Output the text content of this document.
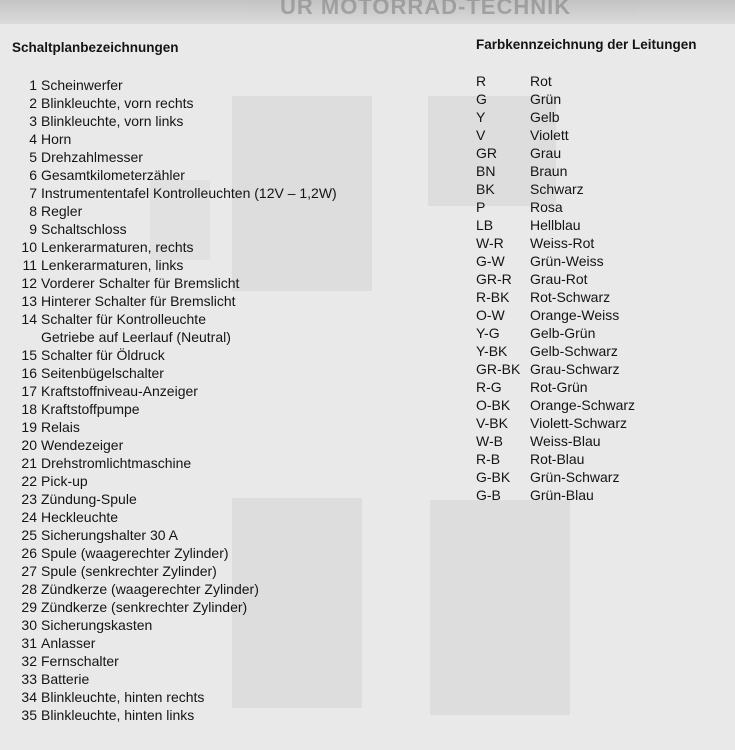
UR MOTORRAD-TECHNIK
Schaltplanbezeichnungen	Farbkennzeichnung der Leitungen
1 Scheinwerfer
2 Blinkleuchte, vorn rechts
3 Blinkleuchte, vorn links
4 Horn
5 Drehzahlmesser
6 Gesamtkilometerzähler
7 Instrumententafel Kontrolleuchten (12V – 1,2W)
8 Regler
9 Schaltschloss
10 Lenkerarmaturen, rechts
11 Lenkerarmaturen, links
12 Vorderer Schalter für Bremslicht
13 Hinterer Schalter für Bremslicht
14 Schalter für Kontrolleuchte
Getriebe auf Leerlauf (Neutral)
15 Schalter für Öldruck
16 Seitenbügelschalter
17 Kraftstoffniveau-Anzeiger
18 Kraftstoffpumpe
19 Relais
20 Wendezeiger
21 Drehstromlichtmaschine
22 Pick-up
23 Zündung-Spule
24 Heckleuchte
25 Sicherungshalter 30 A
26 Spule (waagerechter Zylinder)
27 Spule (senkrechter Zylinder)
28 Zündkerze (waagerechter Zylinder)
29 Zündkerze (senkrechter Zylinder)
30 Sicherungskasten
31 Anlasser
32 Fernschalter
33 Batterie
34 Blinkleuchte, hinten rechts
35 Blinkleuchte, hinten links
R	Rot
G	Grün
Y	Gelb
V	Violett
GR	Grau
BN	Braun
BK	Schwarz
P	Rosa
LB	Hellblau
W-R	Weiss-Rot
G-W	Grün-Weiss
GR-R	Grau-Rot
R-BK	Rot-Schwarz
O-W	Orange-Weiss
Y-G	Gelb-Grün
Y-BK	Gelb-Schwarz
GR-BK Grau-Schwarz
R-G	Rot-Grün
O-BK	Orange-Schwarz
V-BK	Violett-Schwarz
W-B	Weiss-Blau
R-B	Rot-Blau
G-BK	Grün-Schwarz
G-B	Grün-Blau
